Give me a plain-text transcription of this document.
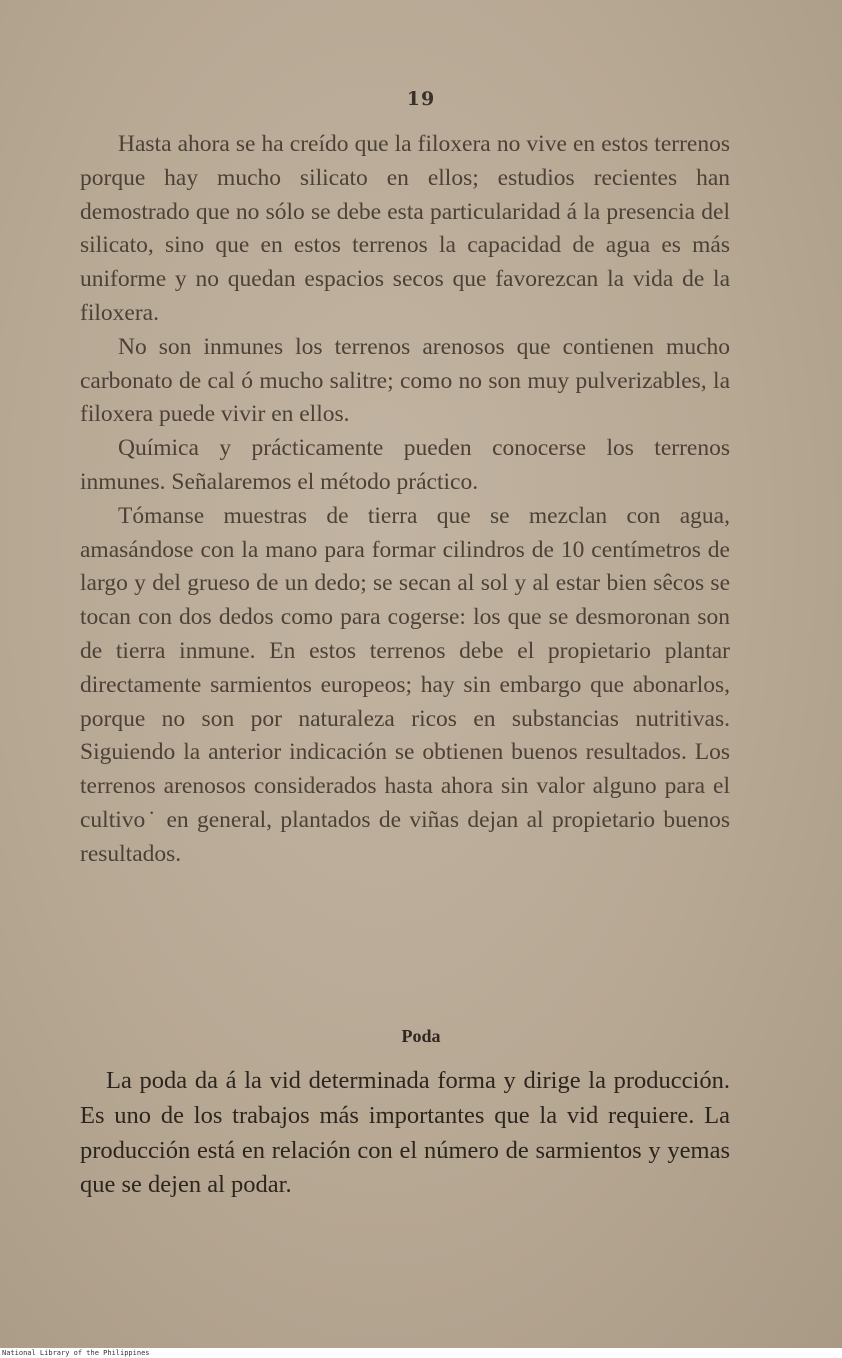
19

Hasta ahora se ha creído que la filoxera no vive en estos terrenos porque hay mucho silicato en ellos; estudios recientes han demostrado que no sólo se debe esta particularidad á la presencia del silicato, sino que en estos terrenos la capacidad de agua es más uniforme y no quedan espacios secos que favorezcan la vida de la filoxera.

No son inmunes los terrenos arenosos que contienen mucho carbonato de cal ó mucho salitre; como no son muy pulverizables, la filoxera puede vivir en ellos.

Química y prácticamente pueden conocerse los terrenos inmunes. Señalaremos el método práctico.

Tómanse muestras de tierra que se mezclan con agua, amasándose con la mano para formar cilindros de 10 centímetros de largo y del grueso de un dedo; se secan al sol y al estar bien sêcos se tocan con dos dedos como para cogerse: los que se desmoronan son de tierra inmune. En estos terrenos debe el propietario plantar directamente sarmientos europeos; hay sin embargo que abonarlos, porque no son por naturaleza ricos en substancias nutritivas. Siguiendo la anterior indicación se obtienen buenos resultados. Los terrenos arenosos considerados hasta ahora sin valor alguno para el cultivo˙ en general, plantados de viñas dejan al propietario buenos resultados.

Poda

La poda da á la vid determinada forma y dirige la producción. Es uno de los trabajos más importantes que la vid requiere. La producción está en relación con el número de sarmientos y yemas que se dejen al podar.

National Library of the Philippines
